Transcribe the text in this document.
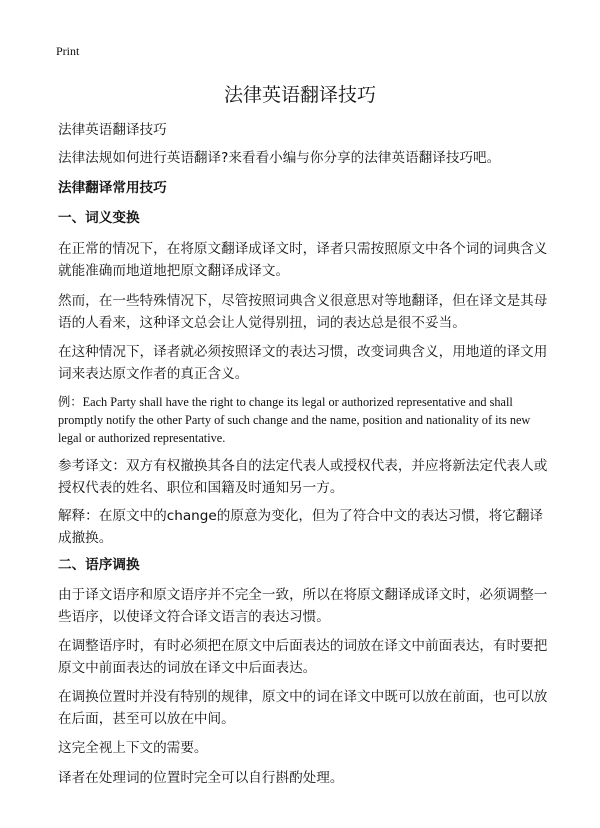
Print
法律英语翻译技巧
法律英语翻译技巧
法律法规如何进行英语翻译?来看看小编与你分享的法律英语翻译技巧吧。
法律翻译常用技巧
一、词义变换
在正常的情况下，在将原文翻译成译文时，译者只需按照原文中各个词的词典含义就能准确而地道地把原文翻译成译文。
然而，在一些特殊情况下，尽管按照词典含义很意思对等地翻译，但在译文是其母语的人看来，这种译文总会让人觉得别扭，词的表达总是很不妥当。
在这种情况下，译者就必须按照译文的表达习惯，改变词典含义，用地道的译文用词来表达原文作者的真正含义。
例：Each Party shall have the right to change its legal or authorized representative and shall promptly notify the other Party of such change and the name, position and nationality of its new legal or authorized representative.
参考译文：双方有权撤换其各自的法定代表人或授权代表，并应将新法定代表人或授权代表的姓名、职位和国籍及时通知另一方。
解释：在原文中的change的原意为变化，但为了符合中文的表达习惯，将它翻译成撤换。
二、语序调换
由于译文语序和原文语序并不完全一致，所以在将原文翻译成译文时，必须调整一些语序，以使译文符合译文语言的表达习惯。
在调整语序时，有时必须把在原文中后面表达的词放在译文中前面表达，有时要把原文中前面表达的词放在译文中后面表达。
在调换位置时并没有特别的规律，原文中的词在译文中既可以放在前面，也可以放在后面，甚至可以放在中间。
这完全视上下文的需要。
译者在处理词的位置时完全可以自行斟酌处理。
